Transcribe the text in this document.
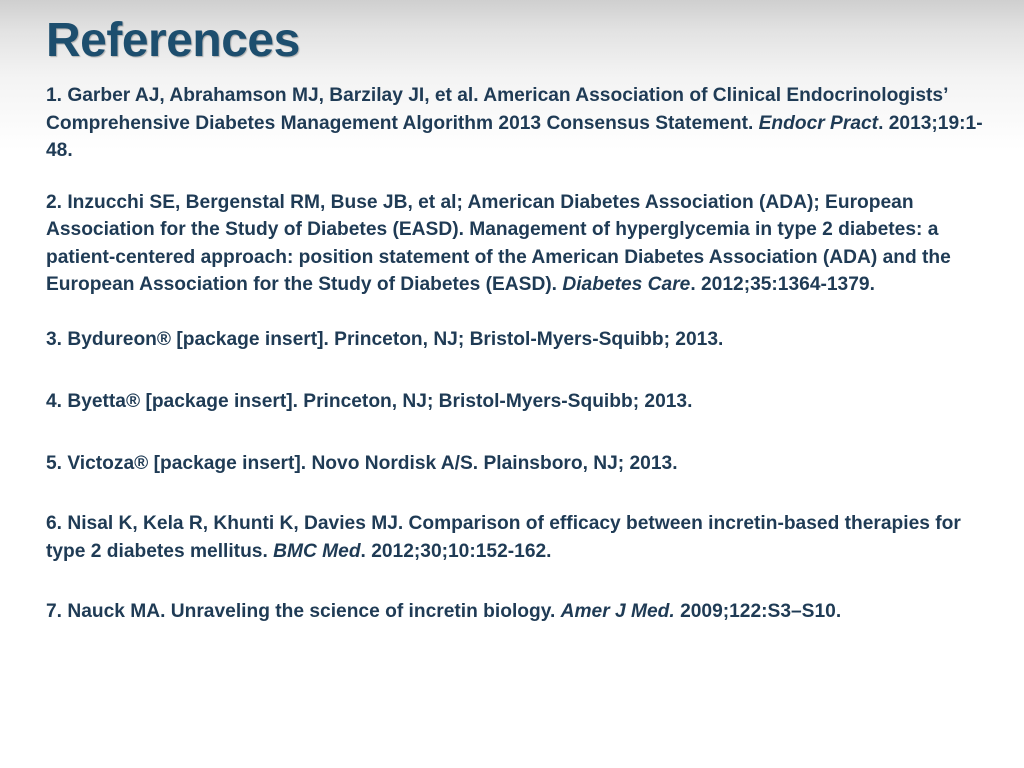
References

1. Garber AJ, Abrahamson MJ, Barzilay JI, et al. American Association of Clinical Endocrinologists’ Comprehensive Diabetes Management Algorithm 2013 Consensus Statement. Endocr Pract. 2013;19:1-48.

2. Inzucchi SE, Bergenstal RM, Buse JB, et al; American Diabetes Association (ADA); European Association for the Study of Diabetes (EASD). Management of hyperglycemia in type 2 diabetes: a patient-centered approach: position statement of the American Diabetes Association (ADA) and the European Association for the Study of Diabetes (EASD). Diabetes Care. 2012;35:1364-1379.

3. Bydureon® [package insert]. Princeton, NJ; Bristol-Myers-Squibb; 2013.

4. Byetta® [package insert]. Princeton, NJ; Bristol-Myers-Squibb; 2013.

5. Victoza® [package insert]. Novo Nordisk A/S. Plainsboro, NJ; 2013.

6. Nisal K, Kela R, Khunti K, Davies MJ. Comparison of efficacy between incretin-based therapies for type 2 diabetes mellitus. BMC Med. 2012;30;10:152-162.

7. Nauck MA. Unraveling the science of incretin biology. Amer J Med. 2009;122:S3–S10.
